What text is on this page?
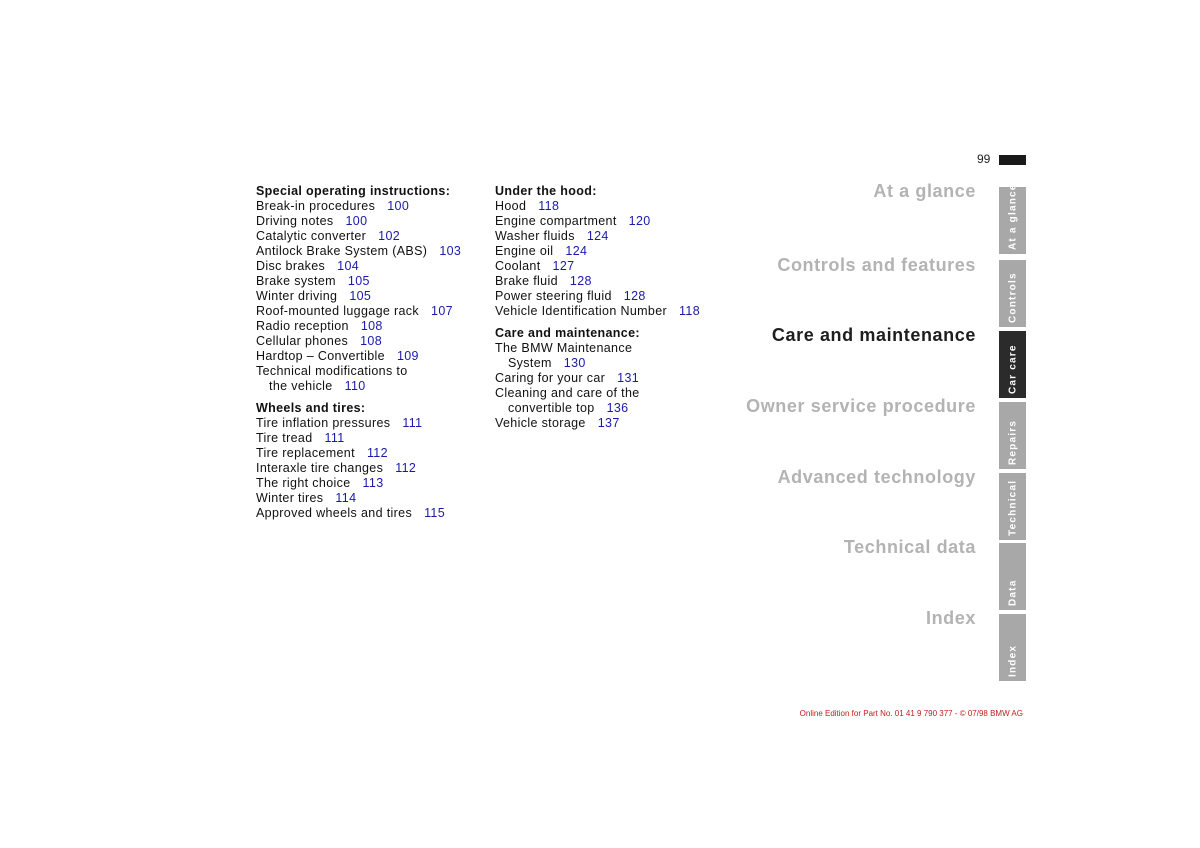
99
Special operating instructions:
Break-in procedures 100
Driving notes 100
Catalytic converter 102
Antilock Brake System (ABS) 103
Disc brakes 104
Brake system 105
Winter driving 105
Roof-mounted luggage rack 107
Radio reception 108
Cellular phones 108
Hardtop – Convertible 109
Technical modifications to
the vehicle 110
Wheels and tires:
Tire inflation pressures 111
Tire tread 111
Tire replacement 112
Interaxle tire changes 112
The right choice 113
Winter tires 114
Approved wheels and tires 115
Under the hood:
Hood 118
Engine compartment 120
Washer fluids 124
Engine oil 124
Coolant 127
Brake fluid 128
Power steering fluid 128
Vehicle Identification Number 118
Care and maintenance:
The BMW Maintenance
System 130
Caring for your car 131
Cleaning and care of the
convertible top 136
Vehicle storage 137
At a glance
Controls and features
Care and maintenance
Owner service procedure
Advanced technology
Technical data
Index
At a glance
Controls
Car care
Repairs
Technical
Data
Index
Online Edition for Part No. 01 41 9 790 377 - © 07/98 BMW AG
